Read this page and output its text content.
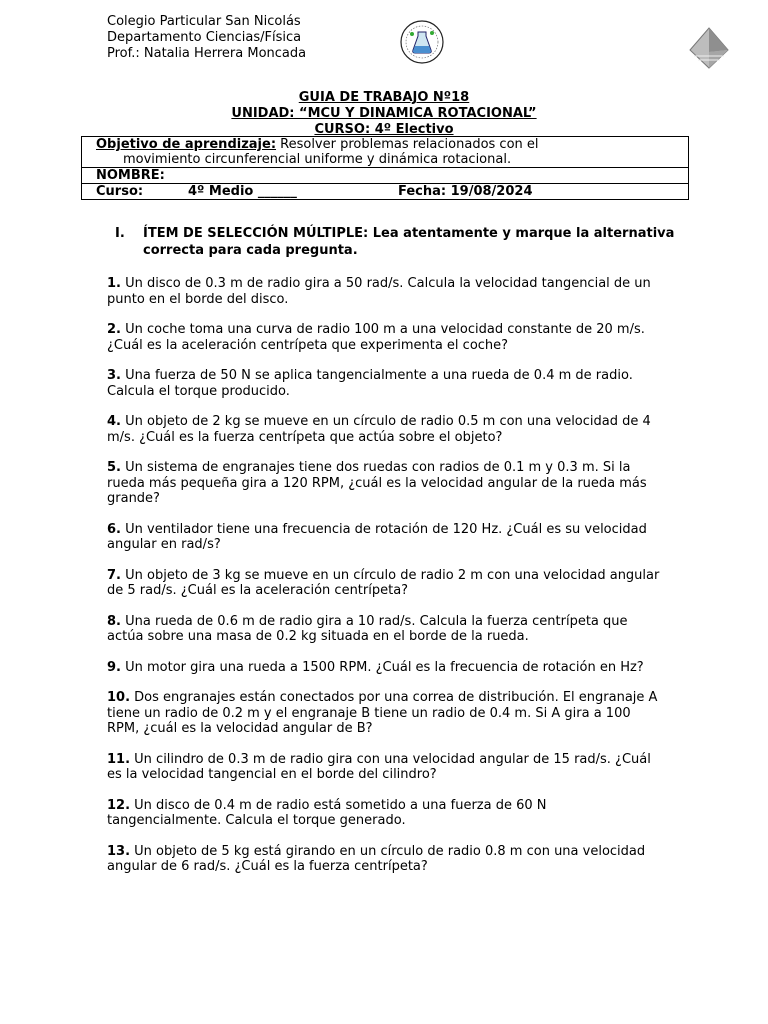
Colegio Particular San Nicolás
Departamento Ciencias/Física
Prof.: Natalia Herrera Moncada
GUIA DE TRABAJO Nº18
UNIDAD: “MCU Y DINAMICA ROTACIONAL”
CURSO: 4º Electivo
Objetivo de aprendizaje: Resolver problemas relacionados con el
movimiento circunferencial uniforme y dinámica rotacional.

NOMBRE:
Curso:	4º Medio ______	Fecha: 19/08/2024
I.	ÍTEM DE SELECCIÓN MÚLTIPLE: Lea atentamente y marque la alternativa correcta para cada pregunta.

1. Un disco de 0.3 m de radio gira a 50 rad/s. Calcula la velocidad tangencial de un punto en el borde del disco.

2. Un coche toma una curva de radio 100 m a una velocidad constante de 20 m/s. ¿Cuál es la aceleración centrípeta que experimenta el coche?

3. Una fuerza de 50 N se aplica tangencialmente a una rueda de 0.4 m de radio. Calcula el torque producido.

4. Un objeto de 2 kg se mueve en un círculo de radio 0.5 m con una velocidad de 4 m/s. ¿Cuál es la fuerza centrípeta que actúa sobre el objeto?

5. Un sistema de engranajes tiene dos ruedas con radios de 0.1 m y 0.3 m. Si la rueda más pequeña gira a 120 RPM, ¿cuál es la velocidad angular de la rueda más grande?

6. Un ventilador tiene una frecuencia de rotación de 120 Hz. ¿Cuál es su velocidad angular en rad/s?

7. Un objeto de 3 kg se mueve en un círculo de radio 2 m con una velocidad angular de 5 rad/s. ¿Cuál es la aceleración centrípeta?

8. Una rueda de 0.6 m de radio gira a 10 rad/s. Calcula la fuerza centrípeta que actúa sobre una masa de 0.2 kg situada en el borde de la rueda.

9. Un motor gira una rueda a 1500 RPM. ¿Cuál es la frecuencia de rotación en Hz?

10. Dos engranajes están conectados por una correa de distribución. El engranaje A tiene un radio de 0.2 m y el engranaje B tiene un radio de 0.4 m. Si A gira a 100 RPM, ¿cuál es la velocidad angular de B?

11. Un cilindro de 0.3 m de radio gira con una velocidad angular de 15 rad/s. ¿Cuál es la velocidad tangencial en el borde del cilindro?

12. Un disco de 0.4 m de radio está sometido a una fuerza de 60 N tangencialmente. Calcula el torque generado.

13. Un objeto de 5 kg está girando en un círculo de radio 0.8 m con una velocidad angular de 6 rad/s. ¿Cuál es la fuerza centrípeta?
